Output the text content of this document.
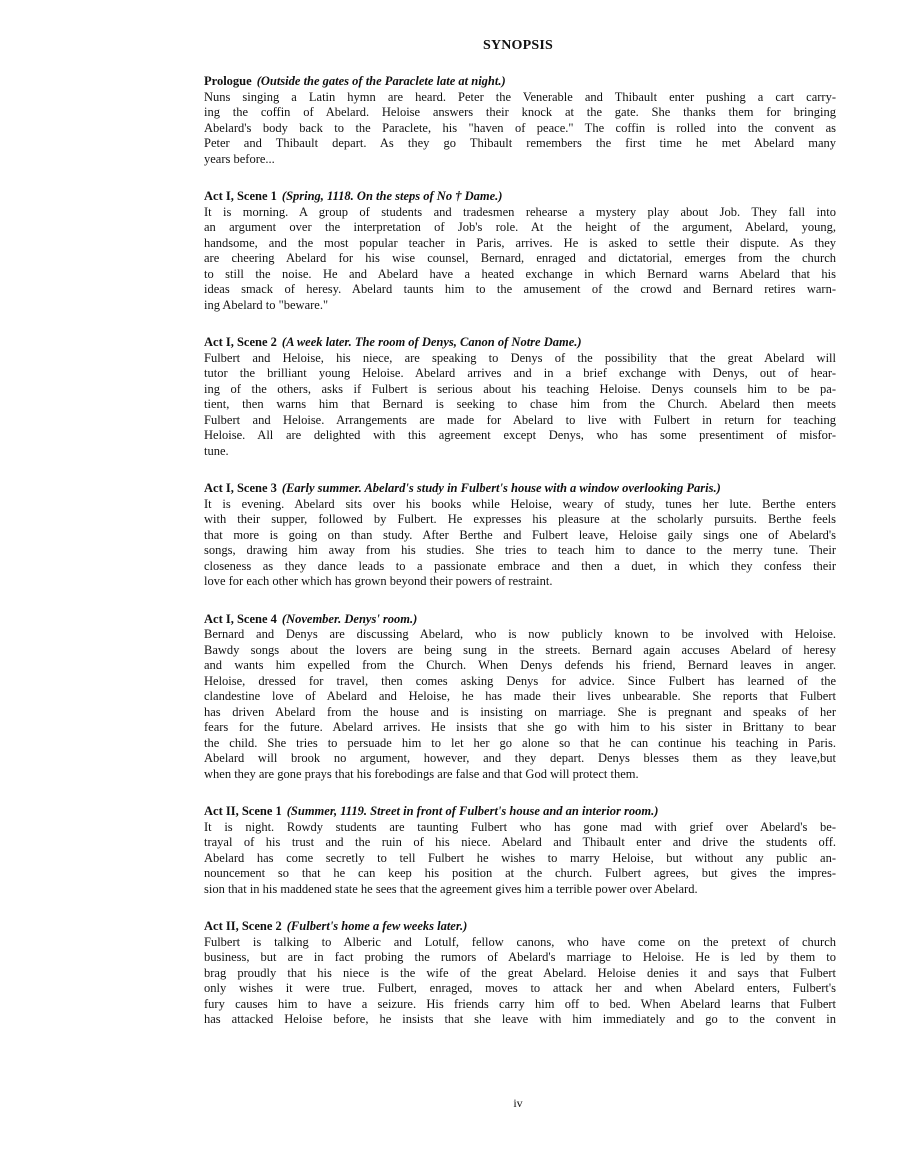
SYNOPSIS
Prologue (Outside the gates of the Paraclete late at night.)
Nuns singing a Latin hymn are heard. Peter the Venerable and Thibault enter pushing a cart carry-
ing the coffin of Abelard. Heloise answers their knock at the gate. She thanks them for bringing
Abelard's body back to the Paraclete, his "haven of peace." The coffin is rolled into the convent as
Peter and Thibault depart. As they go Thibault remembers the first time he met Abelard many
years before...
Act I, Scene 1 (Spring, 1118. On the steps of No † Dame.)
It is morning. A group of students and tradesmen rehearse a mystery play about Job. They fall into
an argument over the interpretation of Job's role. At the height of the argument, Abelard, young,
handsome, and the most popular teacher in Paris, arrives. He is asked to settle their dispute. As they
are cheering Abelard for his wise counsel, Bernard, enraged and dictatorial, emerges from the church
to still the noise. He and Abelard have a heated exchange in which Bernard warns Abelard that his
ideas smack of heresy. Abelard taunts him to the amusement of the crowd and Bernard retires warn-
ing Abelard to "beware."
Act I, Scene 2 (A week later. The room of Denys, Canon of Notre Dame.)
Fulbert and Heloise, his niece, are speaking to Denys of the possibility that the great Abelard will
tutor the brilliant young Heloise. Abelard arrives and in a brief exchange with Denys, out of hear-
ing of the others, asks if Fulbert is serious about his teaching Heloise. Denys counsels him to be pa-
tient, then warns him that Bernard is seeking to chase him from the Church. Abelard then meets
Fulbert and Heloise. Arrangements are made for Abelard to live with Fulbert in return for teaching
Heloise. All are delighted with this agreement except Denys, who has some presentiment of misfor-
tune.
Act I, Scene 3 (Early summer. Abelard's study in Fulbert's house with a window overlooking Paris.)
It is evening. Abelard sits over his books while Heloise, weary of study, tunes her lute. Berthe enters
with their supper, followed by Fulbert. He expresses his pleasure at the scholarly pursuits. Berthe feels
that more is going on than study. After Berthe and Fulbert leave, Heloise gaily sings one of Abelard's
songs, drawing him away from his studies. She tries to teach him to dance to the merry tune. Their
closeness as they dance leads to a passionate embrace and then a duet, in which they confess their
love for each other which has grown beyond their powers of restraint.
Act I, Scene 4 (November. Denys' room.)
Bernard and Denys are discussing Abelard, who is now publicly known to be involved with Heloise.
Bawdy songs about the lovers are being sung in the streets. Bernard again accuses Abelard of heresy
and wants him expelled from the Church. When Denys defends his friend, Bernard leaves in anger.
Heloise, dressed for travel, then comes asking Denys for advice. Since Fulbert has learned of the
clandestine love of Abelard and Heloise, he has made their lives unbearable. She reports that Fulbert
has driven Abelard from the house and is insisting on marriage. She is pregnant and speaks of her
fears for the future. Abelard arrives. He insists that she go with him to his sister in Brittany to bear
the child. She tries to persuade him to let her go alone so that he can continue his teaching in Paris.
Abelard will brook no argument, however, and they depart. Denys blesses them as they leave,but
when they are gone prays that his forebodings are false and that God will protect them.
Act II, Scene 1 (Summer, 1119. Street in front of Fulbert's house and an interior room.)
It is night. Rowdy students are taunting Fulbert who has gone mad with grief over Abelard's be-
trayal of his trust and the ruin of his niece. Abelard and Thibault enter and drive the students off.
Abelard has come secretly to tell Fulbert he wishes to marry Heloise, but without any public an-
nouncement so that he can keep his position at the church. Fulbert agrees, but gives the impres-
sion that in his maddened state he sees that the agreement gives him a terrible power over Abelard.
Act II, Scene 2 (Fulbert's home a few weeks later.)
Fulbert is talking to Alberic and Lotulf, fellow canons, who have come on the pretext of church
business, but are in fact probing the rumors of Abelard's marriage to Heloise. He is led by them to
brag proudly that his niece is the wife of the great Abelard. Heloise denies it and says that Fulbert
only wishes it were true. Fulbert, enraged, moves to attack her and when Abelard enters, Fulbert's
fury causes him to have a seizure. His friends carry him off to bed. When Abelard learns that Fulbert
has attacked Heloise before, he insists that she leave with him immediately and go to the convent in
iv
